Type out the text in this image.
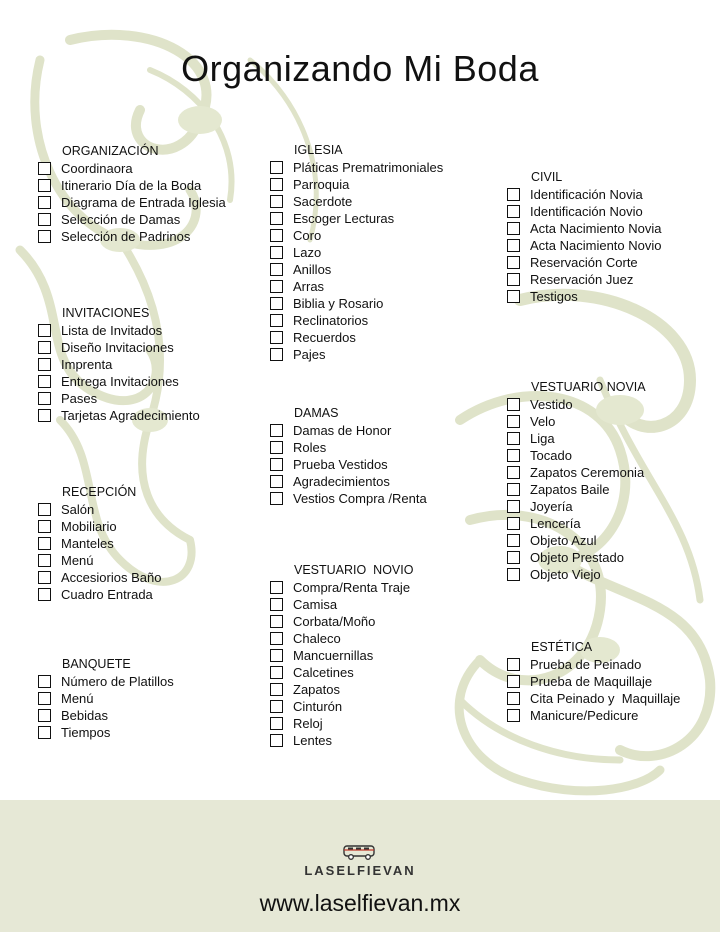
Organizando Mi Boda
ORGANIZACIÓN
Coordinaora
Itinerario Día de la Boda
Diagrama de Entrada Iglesia
Selección de Damas
Selección de Padrinos
INVITACIONES
Lista de Invitados
Diseño Invitaciones
Imprenta
Entrega Invitaciones
Pases
Tarjetas Agradecimiento
RECEPCIÓN
Salón
Mobiliario
Manteles
Menú
Accesiorios Baño
Cuadro Entrada
BANQUETE
Número de Platillos
Menú
Bebidas
Tiempos
IGLESIA
Pláticas Prematrimoniales
Parroquia
Sacerdote
Escoger Lecturas
Coro
Lazo
Anillos
Arras
Biblia y Rosario
Reclinatorios
Recuerdos
Pajes
DAMAS
Damas de Honor
Roles
Prueba Vestidos
Agradecimientos
Vestios Compra /Renta
VESTUARIO  NOVIO
Compra/Renta Traje
Camisa
Corbata/Moño
Chaleco
Mancuernillas
Calcetines
Zapatos
Cinturón
Reloj
Lentes
CIVIL
Identificación Novia
Identificación Novio
Acta Nacimiento Novia
Acta Nacimiento Novio
Reservación Corte
Reservación Juez
Testigos
VESTUARIO NOVIA
Vestido
Velo
Liga
Tocado
Zapatos Ceremonia
Zapatos Baile
Joyería
Lencería
Objeto Azul
Objeto Prestado
Objeto Viejo
ESTÉTICA
Prueba de Peinado
Prueba de Maquillaje
Cita Peinado y  Maquillaje
Manicure/Pedicure
LASELFIEVAN
www.laselfievan.mx
